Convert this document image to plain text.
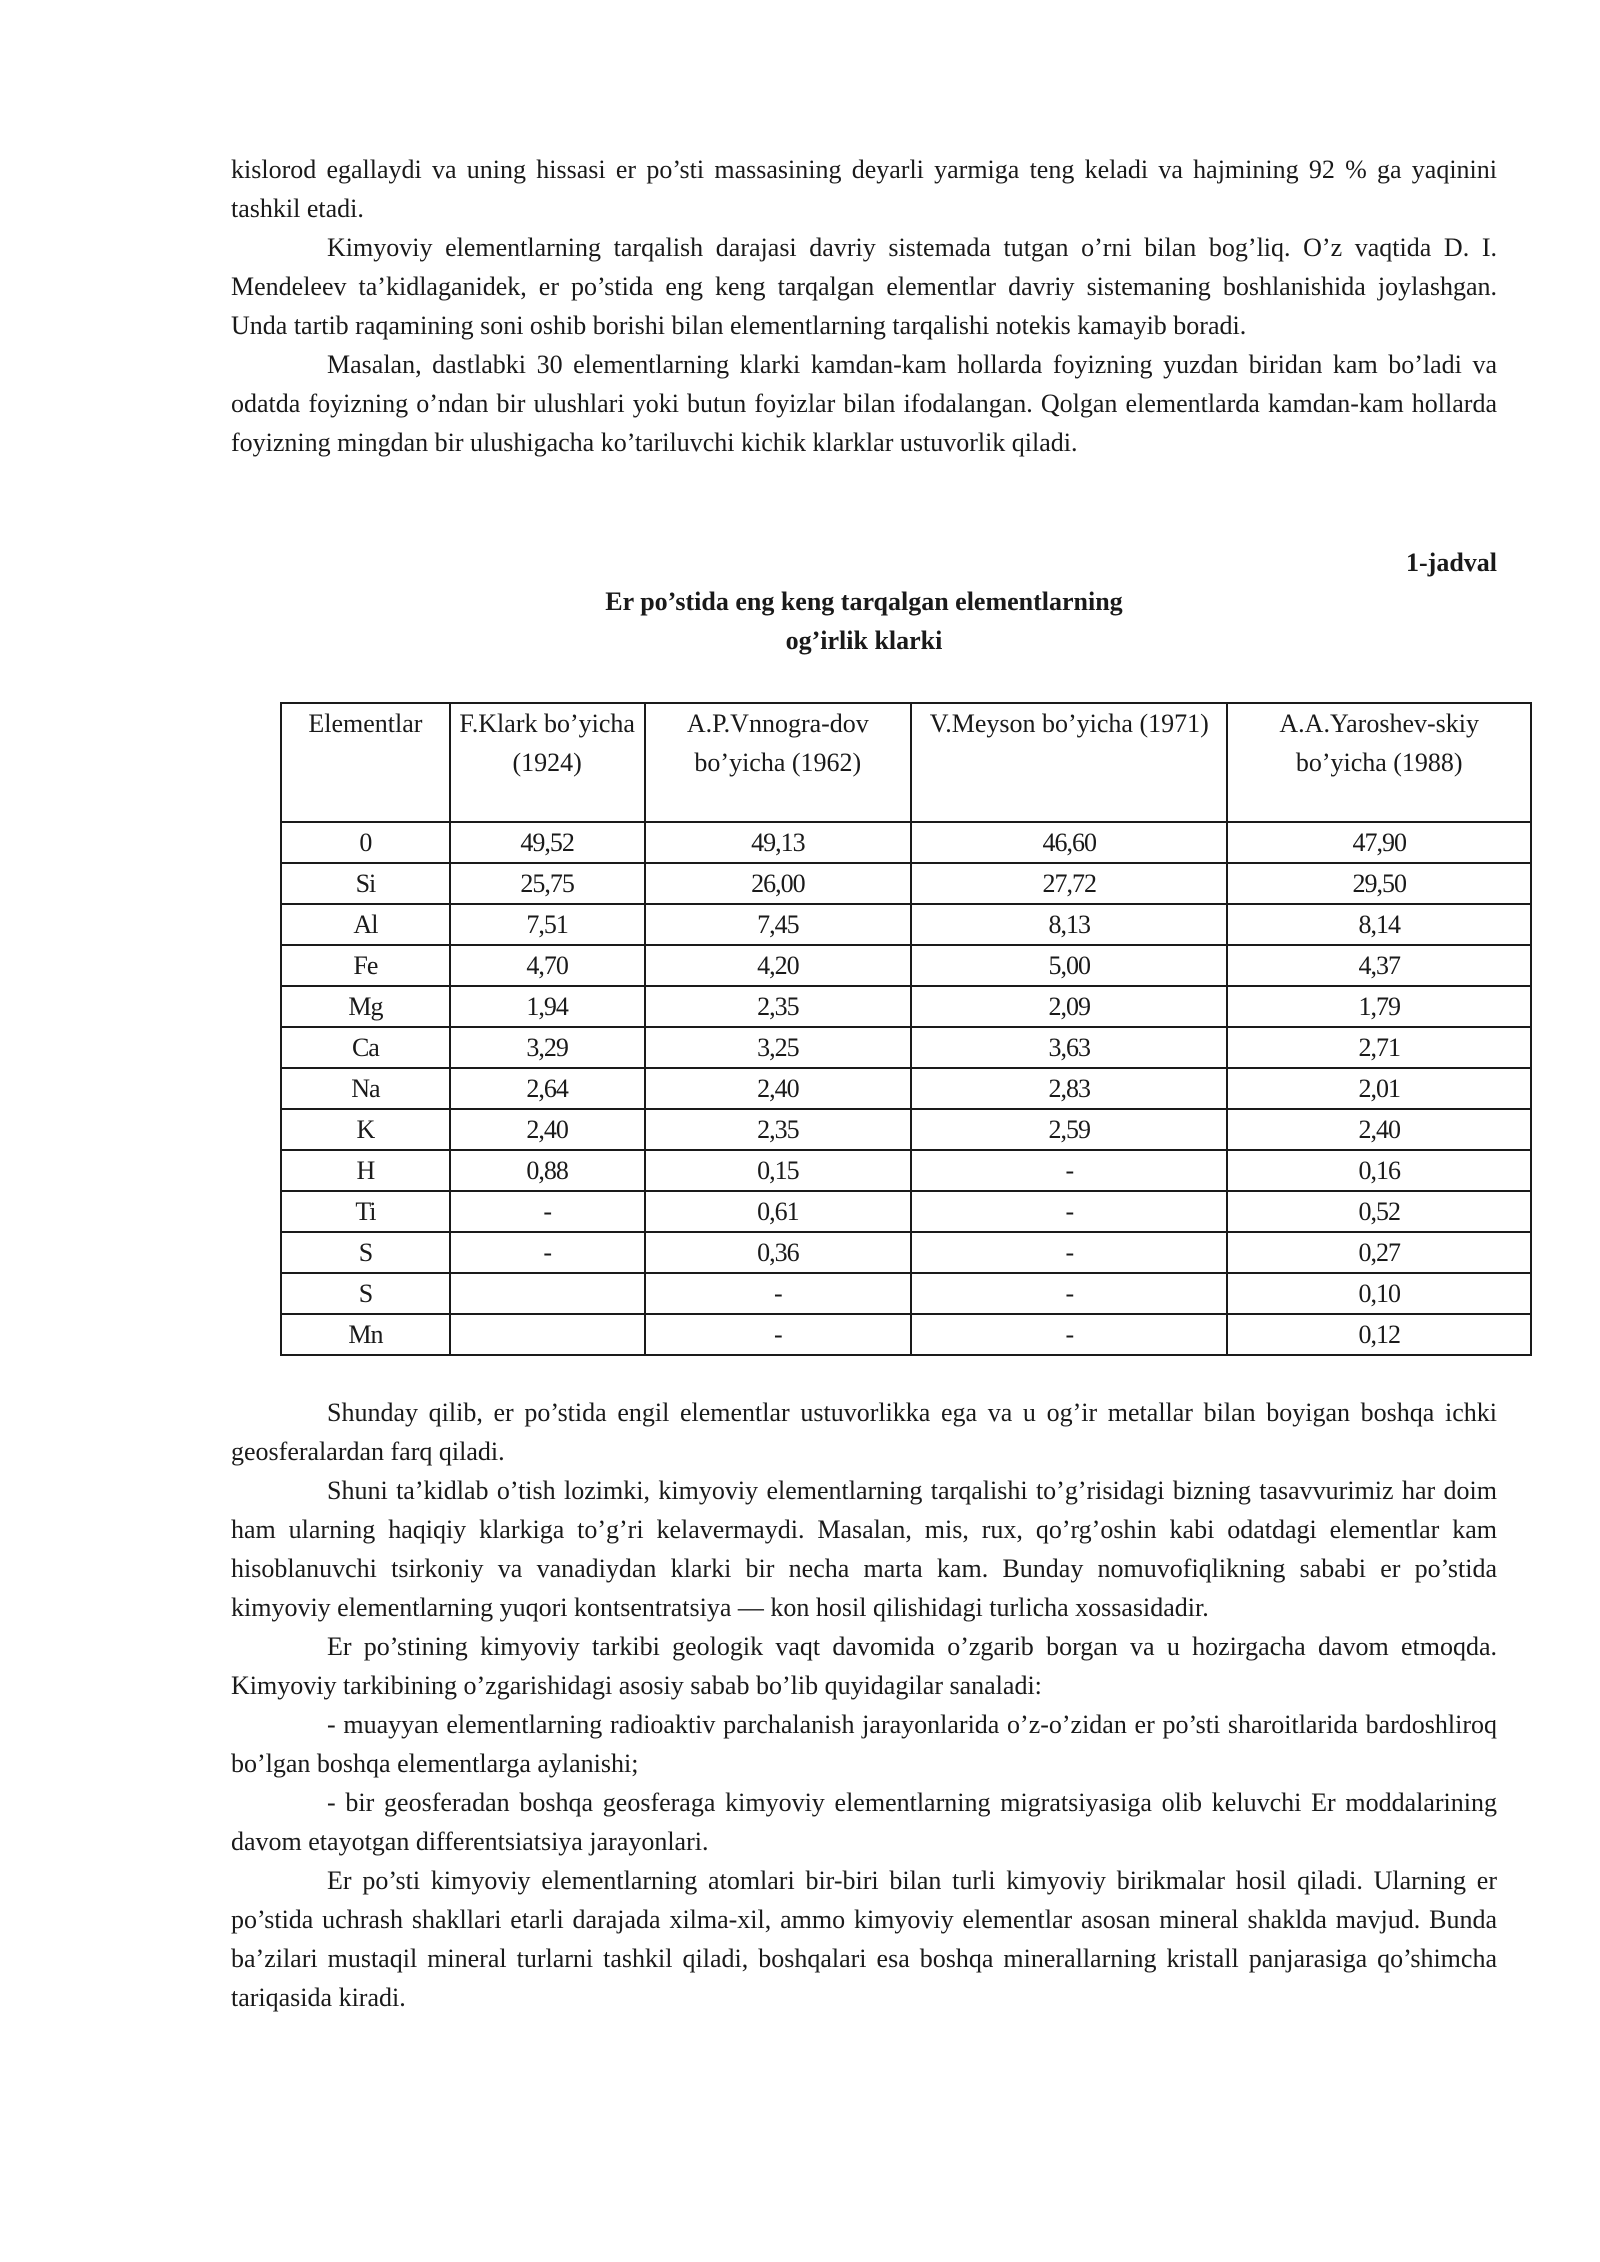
kislorod egallaydi va uning hissasi er po’sti massasining deyarli yarmiga teng keladi va hajmining 92 % ga yaqinini tashkil etadi.

Kimyoviy elementlarning tarqalish darajasi davriy sistemada tutgan o’rni bilan bog’liq. O’z vaqtida D. I. Mendeleev ta’kidlaganidek, er po’stida eng keng tarqalgan elementlar davriy sistemaning boshlanishida joylashgan. Unda tartib raqamining soni oshib borishi bilan elementlarning tarqalishi notekis kamayib boradi.

Masalan, dastlabki 30 elementlarning klarki kamdan-kam hollarda foyizning yuzdan biridan kam bo’ladi va odatda foyizning o’ndan bir ulushlari yoki butun foyizlar bilan ifodalangan. Qolgan elementlarda kamdan-kam hollarda foyizning mingdan bir ulushigacha ko’tariluvchi kichik klarklar ustuvorlik qiladi.

1-jadval
Er po’stida eng keng tarqalgan elementlarning
og’irlik klarki
Elementlar	F.Klark bo’yicha (1924)	A.P.Vnnogra-dov bo’yicha (1962)	V.Meyson bo’yicha (1971)	A.A.Yaroshev-skiy bo’yicha (1988)
0	49,52	49,13	46,60	47,90
Si	25,75	26,00	27,72	29,50
Al	7,51	7,45	8,13	8,14
Fe	4,70	4,20	5,00	4,37
Mg	1,94	2,35	2,09	1,79
Ca	3,29	3,25	3,63	2,71
Na	2,64	2,40	2,83	2,01
K	2,40	2,35	2,59	2,40
H	0,88	0,15	-	0,16
Ti	-	0,61	-	0,52
S	-	0,36	-	0,27
S		-	-	0,10
Mn		-	-	0,12

Shunday qilib, er po’stida engil elementlar ustuvorlikka ega va u og’ir metallar bilan boyigan boshqa ichki geosferalardan farq qiladi.

Shuni ta’kidlab o’tish lozimki, kimyoviy elementlarning tarqalishi to’g’risidagi bizning tasavvurimiz har doim ham ularning haqiqiy klarkiga to’g’ri kelavermaydi. Masalan, mis, rux, qo’rg’oshin kabi odatdagi elementlar kam hisoblanuvchi tsirkoniy va vanadiydan klarki bir necha marta kam. Bunday nomuvofiqlikning sababi er po’stida kimyoviy elementlarning yuqori kontsentratsiya — kon hosil qilishidagi turlicha xossasidadir.

Er po’stining kimyoviy tarkibi geologik vaqt davomida o’zgarib borgan va u hozirgacha davom etmoqda. Kimyoviy tarkibining o’zgarishidagi asosiy sabab bo’lib quyidagilar sanaladi:

- muayyan elementlarning radioaktiv parchalanish jarayonlarida o’z-o’zidan er po’sti sharoitlarida bardoshliroq bo’lgan boshqa elementlarga aylanishi;

- bir geosferadan boshqa geosferaga kimyoviy elementlarning migratsiyasiga olib keluvchi Er moddalarining davom etayotgan differentsiatsiya jarayonlari.

Er po’sti kimyoviy elementlarning atomlari bir-biri bilan turli kimyoviy birikmalar hosil qiladi. Ularning er po’stida uchrash shakllari etarli darajada xilma-xil, ammo kimyoviy elementlar asosan mineral shaklda mavjud. Bunda ba’zilari mustaqil mineral turlarni tashkil qiladi, boshqalari esa boshqa minerallarning kristall panjarasiga qo’shimcha tariqasida kiradi.
